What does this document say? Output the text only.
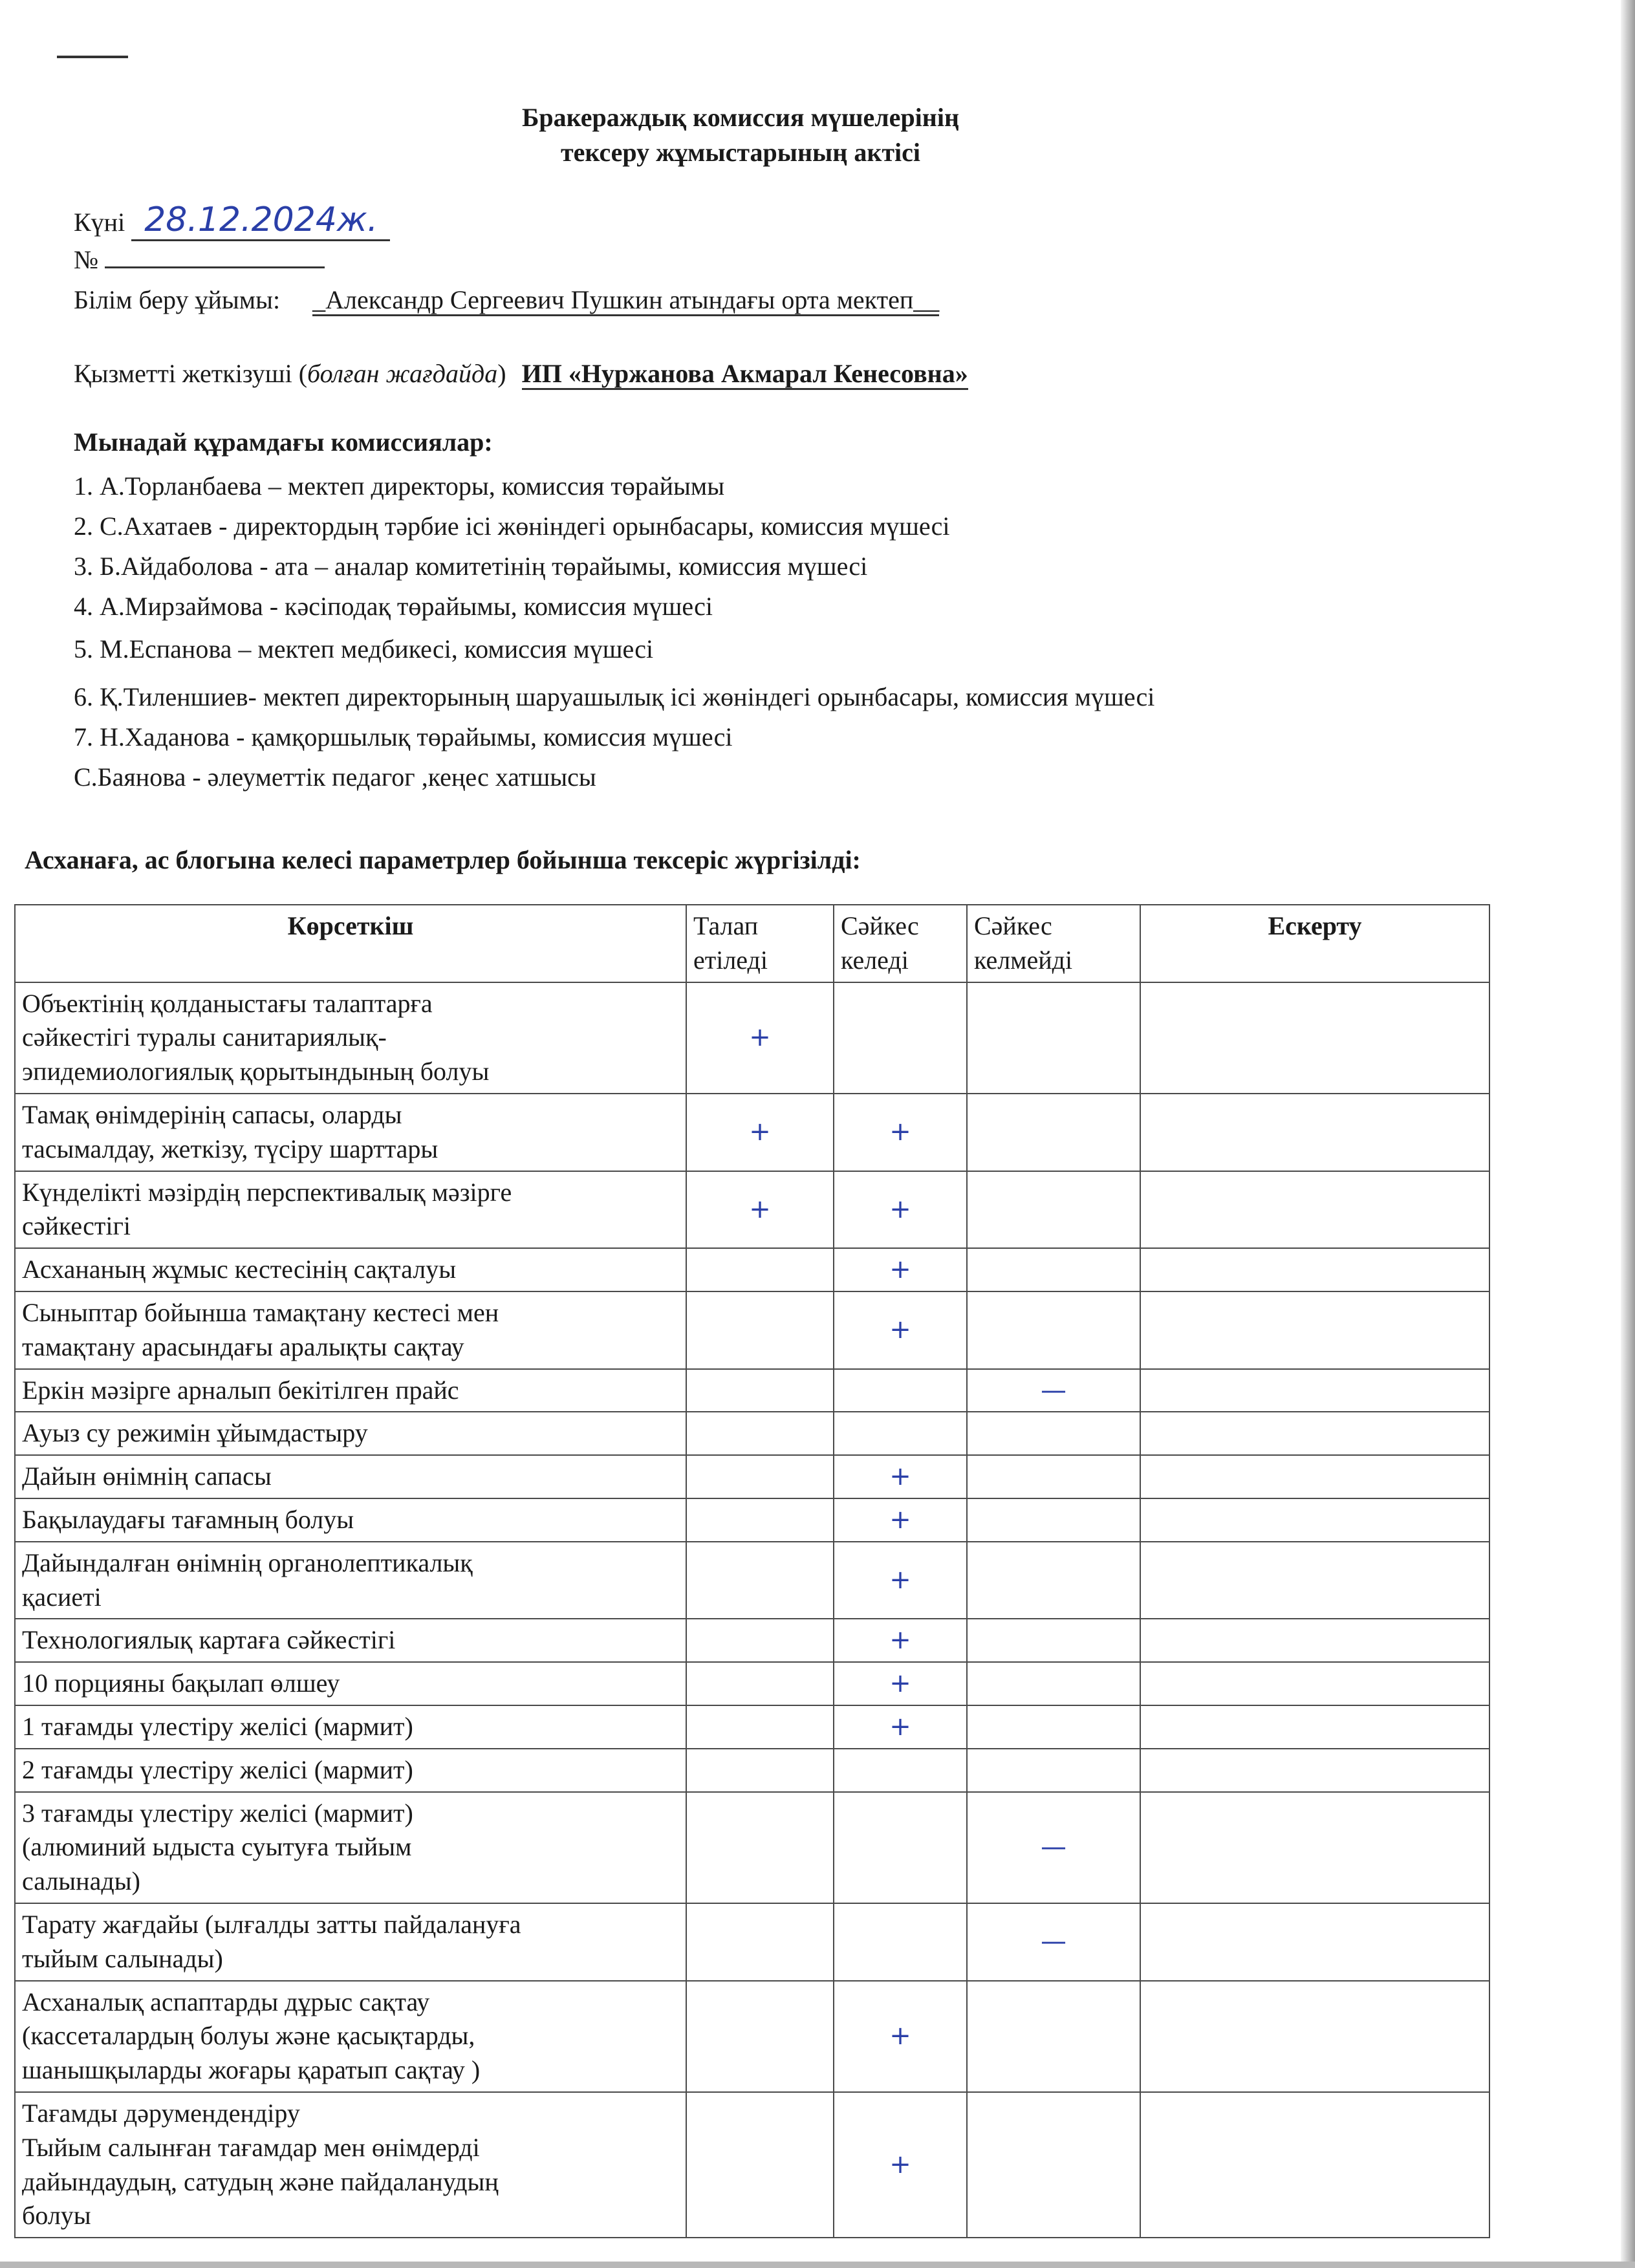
Бракераждық комиссия мүшелерінің
тексеру жұмыстарының актісі
Күні 28.12.2024ж.
№
Білім беру ұйымы: _Александр Сергеевич Пушкин атындағы орта мектеп__
Қызметті жеткізуші (болған жағдайда) ИП «Нуржанова Акмарал Кенесовна»
Мынадай құрамдағы комиссиялар:
1. А.Торланбаева – мектеп директоры, комиссия төрайымы
2. С.Ахатаев - директордың тәрбие ісі жөніндегі орынбасары, комиссия мүшесі
3. Б.Айдаболова - ата – аналар комитетінің төрайымы, комиссия мүшесі
4. А.Мирзаймова - кәсіподақ төрайымы, комиссия мүшесі
5. М.Еспанова – мектеп медбикесі, комиссия мүшесі
6. Қ.Тиленшиев- мектеп директорының шаруашылық ісі жөніндегі орынбасары, комиссия мүшесі
7. Н.Хаданова - қамқоршылық төрайымы, комиссия мүшесі
С.Баянова - әлеуметтік педагог ,кеңес хатшысы
Асханаға, ас блогына келесі параметрлер бойынша тексеріс жүргізілді:
Көрсеткіш	Талап етіледі	Сәйкес келеді	Сәйкес келмейді	Ескерту
Объектінің қолданыстағы талаптарға
сәйкестігі туралы санитариялық-
эпидемиологиялық қорытындының болуы	+			
Тамақ өнімдерінің сапасы, оларды
тасымалдау, жеткізу, түсіру шарттары	+	+		
Күнделікті мәзірдің перспективалық мәзірге
сәйкестігі	+	+		
Асхананың жұмыс кестесінің сақталуы		+		
Сыныптар бойынша тамақтану кестесі мен
тамақтану арасындағы аралықты сақтау		+		
Еркін мәзірге арналып бекітілген прайс			—	
Ауыз су режимін ұйымдастыру				
Дайын өнімнің сапасы		+		
Бақылаудағы тағамның болуы		+		
Дайындалған өнімнің органолептикалық
қасиеті		+		
Технологиялық картаға сәйкестігі		+		
10 порцияны бақылап өлшеу		+		
1 тағамды үлестіру желісі (мармит)		+		
2 тағамды үлестіру желісі (мармит)				
3 тағамды үлестіру желісі (мармит)
(алюминий ыдыста суытуға тыйым
салынады)			—	
Тарату жағдайы (ылғалды затты пайдалануға
тыйым салынады)			—	
Асханалық аспаптарды дұрыс сақтау
(кассеталардың болуы және қасықтарды,
шанышқыларды жоғары қаратып сақтау )		+		
Тағамды дәрумендендіру
Тыйым салынған тағамдар мен өнімдерді
дайындаудың, сатудың және пайдаланудың
болуы		+		
